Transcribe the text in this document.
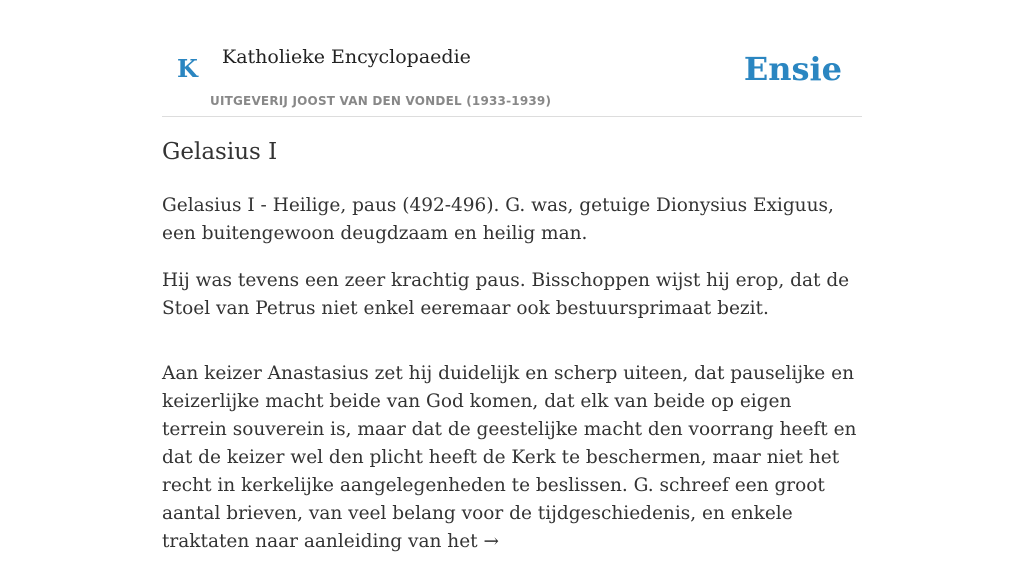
K Katholieke Encyclopaedie
UITGEVERIJ JOOST VAN DEN VONDEL (1933-1939)
Ensie
Gelasius I

Gelasius I - Heilige, paus (492-496). G. was, getuige Dionysius Exiguus, een buitengewoon deugdzaam en heilig man.

Hij was tevens een zeer krachtig paus. Bisschoppen wijst hij erop, dat de Stoel van Petrus niet enkel eeremaar ook bestuursprimaat bezit.

Aan keizer Anastasius zet hij duidelijk en scherp uiteen, dat pauselijke en keizerlijke macht beide van God komen, dat elk van beide op eigen terrein souverein is, maar dat de geestelijke macht den voorrang heeft en dat de keizer wel den plicht heeft de Kerk te beschermen, maar niet het recht in kerkelijke aangelegenheden te beslissen. G. schreef een groot aantal brieven, van veel belang voor de tijdgeschiedenis, en enkele traktaten naar aanleiding van het →
